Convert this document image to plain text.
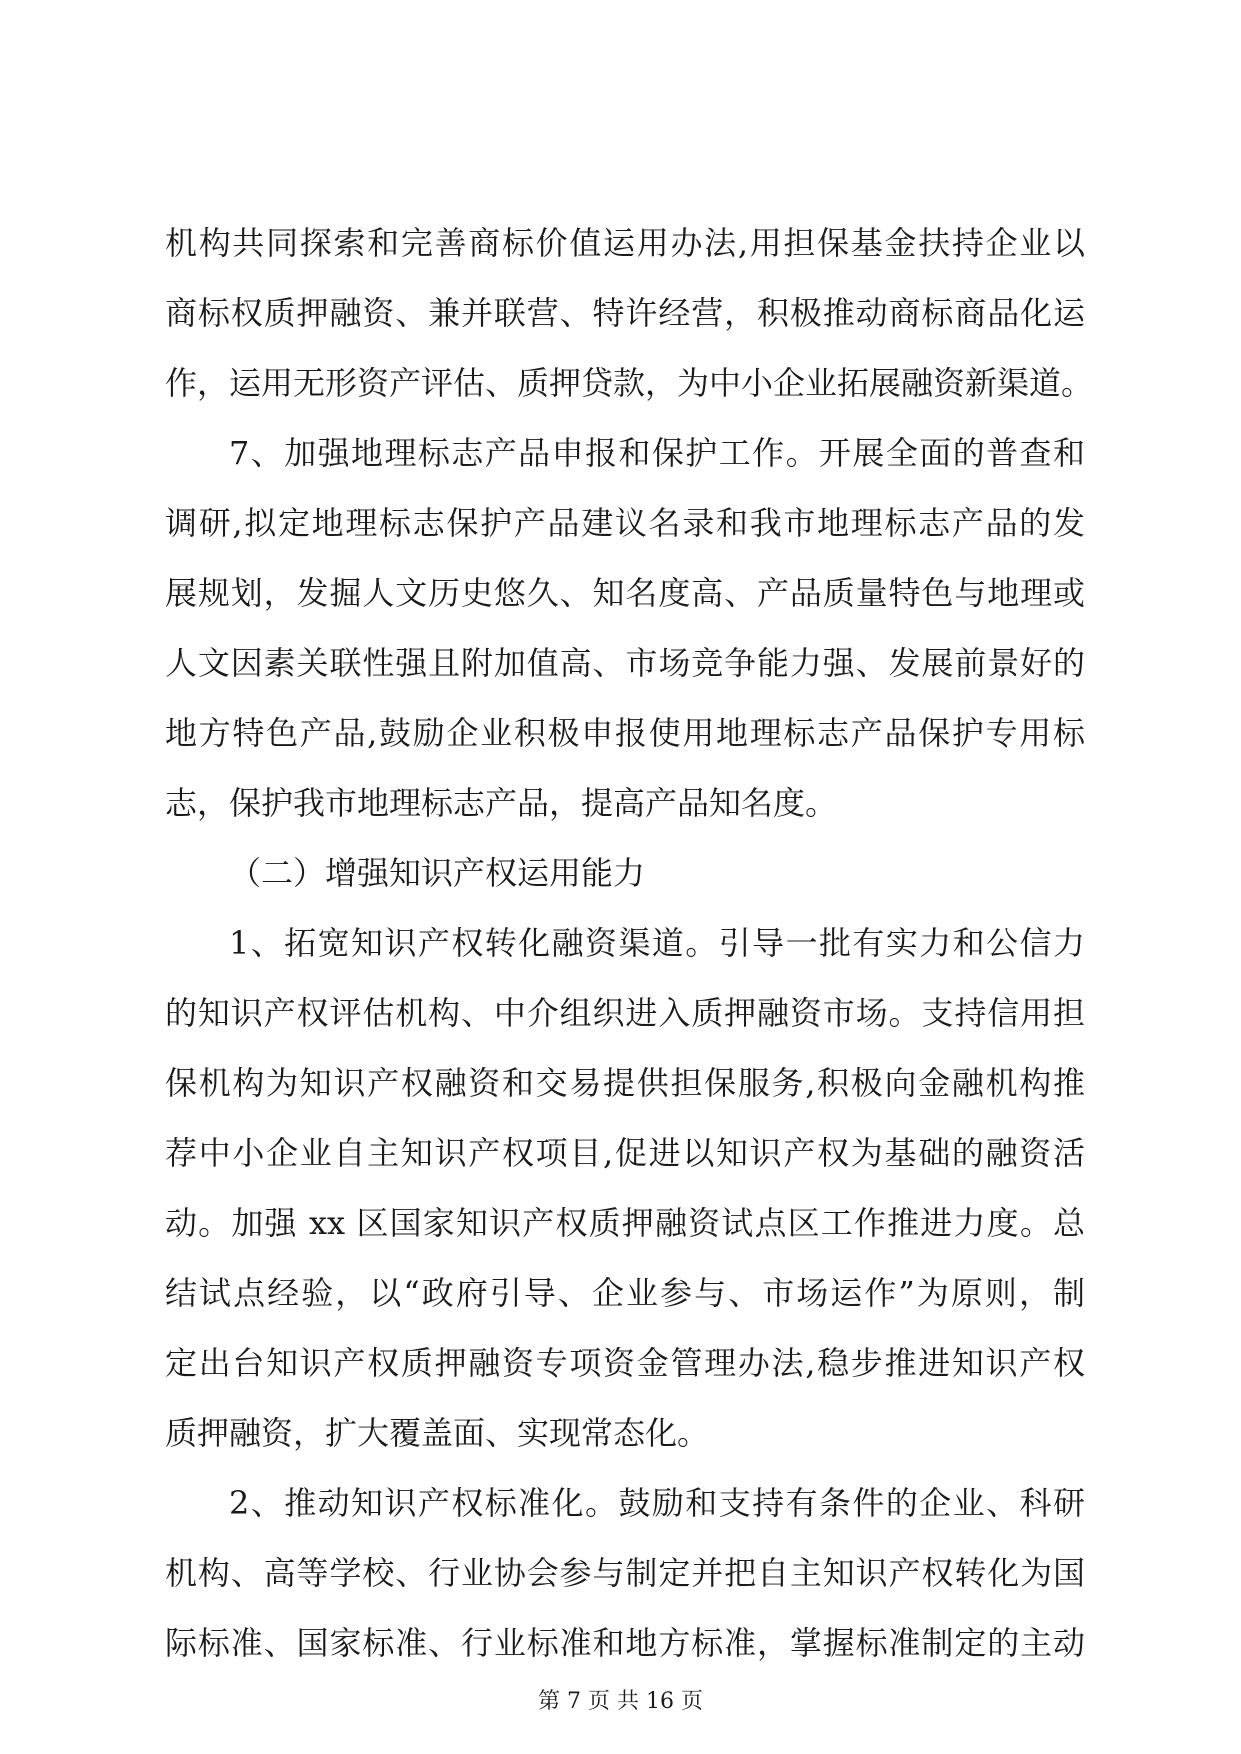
机构共同探索和完善商标价值运用办法,用担保基金扶持企业以
商标权质押融资、兼并联营、特许经营，积极推动商标商品化运
作，运用无形资产评估、质押贷款，为中小企业拓展融资新渠道。
7、加强地理标志产品申报和保护工作。开展全面的普查和
调研,拟定地理标志保护产品建议名录和我市地理标志产品的发
展规划，发掘人文历史悠久、知名度高、产品质量特色与地理或
人文因素关联性强且附加值高、市场竞争能力强、发展前景好的
地方特色产品,鼓励企业积极申报使用地理标志产品保护专用标
志，保护我市地理标志产品，提高产品知名度。
（二）增强知识产权运用能力
1、拓宽知识产权转化融资渠道。引导一批有实力和公信力
的知识产权评估机构、中介组织进入质押融资市场。支持信用担
保机构为知识产权融资和交易提供担保服务,积极向金融机构推
荐中小企业自主知识产权项目,促进以知识产权为基础的融资活
动。加强 xx 区国家知识产权质押融资试点区工作推进力度。总
结试点经验，以“政府引导、企业参与、市场运作”为原则，制
定出台知识产权质押融资专项资金管理办法,稳步推进知识产权
质押融资，扩大覆盖面、实现常态化。
2、推动知识产权标准化。鼓励和支持有条件的企业、科研
机构、高等学校、行业协会参与制定并把自主知识产权转化为国
际标准、国家标准、行业标准和地方标准，掌握标准制定的主动
第 7 页 共 16 页
